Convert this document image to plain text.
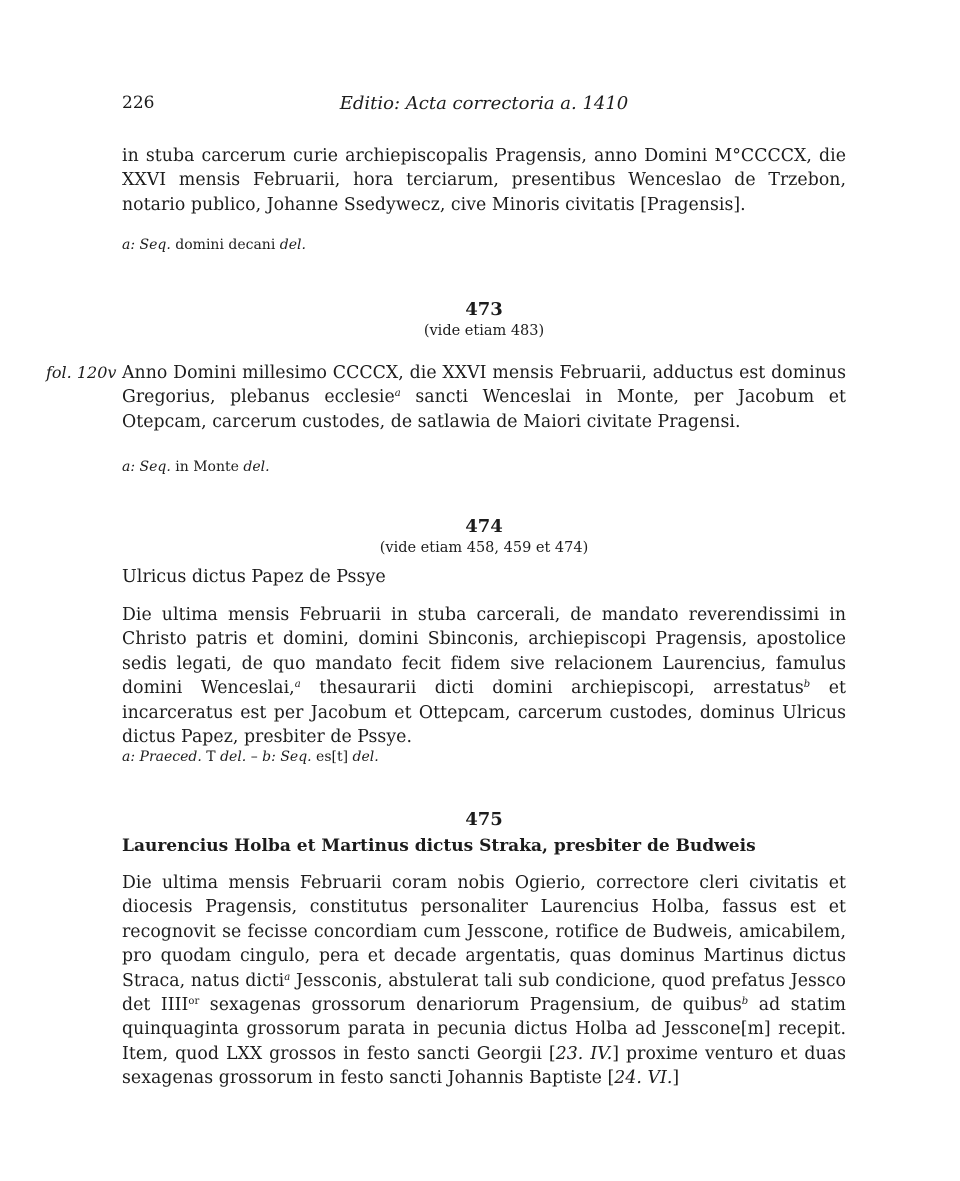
226	Editio: Acta correctoria a. 1410

in stuba carcerum curie archiepiscopalis Pragensis, anno Domini M°CCCCX, die XXVI mensis Februarii, hora terciarum, presentibus Wenceslao de Trzebon, notario publico, Johanne Ssedywecz, cive Minoris civitatis [Pragensis].

a: Seq. domini decani del.

473

(vide etiam 483)

fol. 120v Anno Domini millesimo CCCCX, die XXVI mensis Februarii, adductus est dominus Gregorius, plebanus ecclesie$^a$ sancti Wenceslai in Monte, per Jacobum et Otepcam, carcerum custodes, de satlawia de Maiori civitate Pragensi.

a: Seq. in Monte del.

474

(vide etiam 458, 459 et 474)

Ulricus dictus Papez de Pssye

Die ultima mensis Februarii in stuba carcerali, de mandato reverendissimi in Christo patris et domini, domini Sbinconis, archiepiscopi Pragensis, apostolice sedis legati, de quo mandato fecit fidem sive relacionem Laurencius, famulus domini Wenceslai,$^a$ thesaurarii dicti domini archiepiscopi, arrestatus$^b$ et incarceratus est per Jacobum et Ottepcam, carcerum custodes, dominus Ulricus dictus Papez, presbiter de Pssye.

a: Praeced. T del. – b: Seq. es[t] del.

475

Laurencius Holba et Martinus dictus Straka, presbiter de Budweis

Die ultima mensis Februarii coram nobis Ogierio, correctore cleri civitatis et diocesis Pragensis, constitutus personaliter Laurencius Holba, fassus est et recognovit se fecisse concordiam cum Jesscone, rotifice de Budweis, amicabilem, pro quodam cingulo, pera et decade argentatis, quas dominus Martinus dictus Straca, natus dicti$^a$ Jessconis, abstulerat tali sub condicione, quod prefatus Jessco $\det IIII^{or}$ sexagenas grossorum denariorum Pragensium, de quibus$^b$ ad statim quinquaginta grossorum parata in pecunia dictus Holba ad Jesscone[m] recepit. Item, quod LXX grossos in festo sancti Georgii [23. IV.] proxime venturo et duas sexagenas grossorum in festo sancti Johannis Baptiste [24. VI.]
